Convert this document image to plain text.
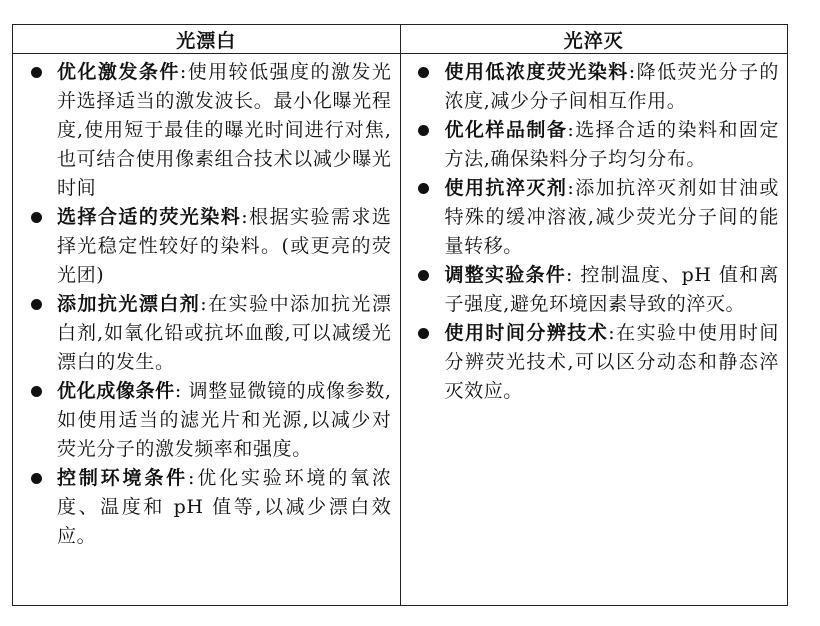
光漂白	光淬灭
优化激发条件:使用较低强度的激发光并选择适当的激发波长。最小化曝光程度,使用短于最佳的曝光时间进行对焦,也可结合使用像素组合技术以减少曝光时间
选择合适的荧光染料:根据实验需求选择光稳定性较好的染料。(或更亮的荧光团)
添加抗光漂白剂:在实验中添加抗光漂白剂,如氧化铅或抗坏血酸,可以减缓光漂白的发生。
优化成像条件: 调整显微镜的成像参数,如使用适当的滤光片和光源,以减少对荧光分子的激发频率和强度。
控制环境条件:优化实验环境的氧浓度、温度和 pH 值等,以减少漂白效应。
使用低浓度荧光染料:降低荧光分子的浓度,减少分子间相互作用。
优化样品制备:选择合适的染料和固定方法,确保染料分子均匀分布。
使用抗淬灭剂:添加抗淬灭剂如甘油或特殊的缓冲溶液,减少荧光分子间的能量转移。
调整实验条件: 控制温度、pH 值和离子强度,避免环境因素导致的淬灭。
使用时间分辨技术:在实验中使用时间分辨荧光技术,可以区分动态和静态淬灭效应。
